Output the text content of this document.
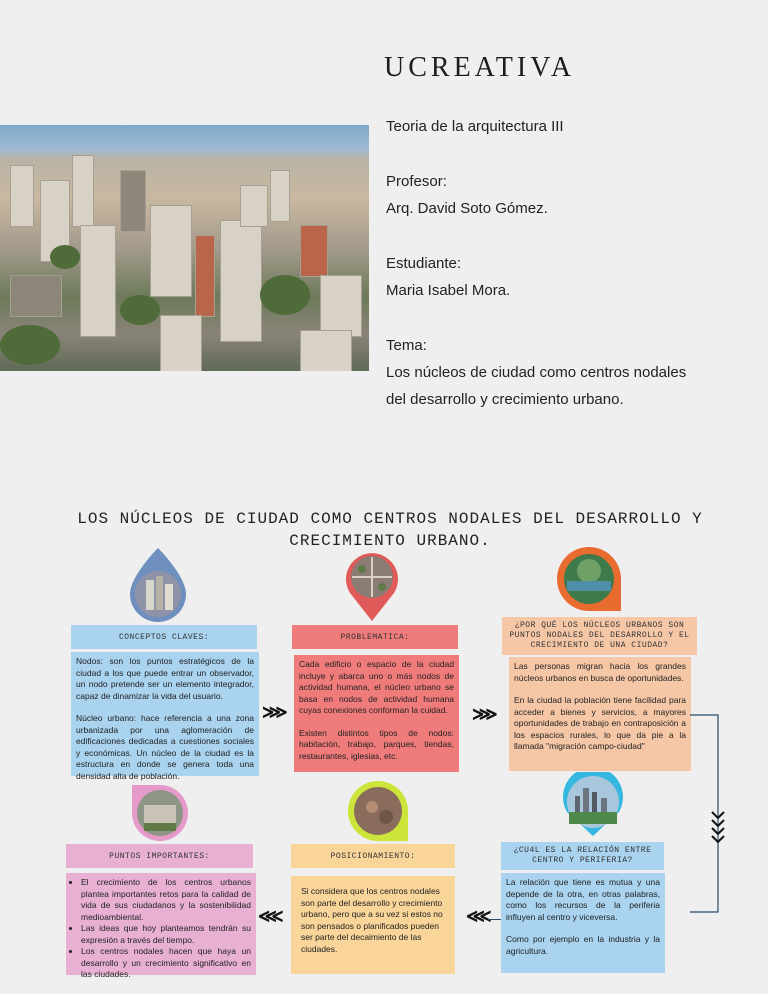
UCREATIVA
Teoria de la arquitectura III
Profesor:
Arq. David Soto Gómez.
Estudiante:
Maria Isabel Mora.
Tema:
Los núcleos de ciudad como centros nodales
del desarrollo y crecimiento urbano.
LOS NÚCLEOS DE CIUDAD COMO CENTROS NODALES DEL DESARROLLO Y
CRECIMIENTO URBANO.
CONCEPTOS CLAVES:	PROBLEMATICA:
¿POR QUÉ LOS NÚCLEOS URBANOS SON PUNTOS NODALES DEL DESARROLLO Y EL CRECIMIENTO DE UNA CIUDAD?

Nodos: son los puntos estratégicos de la ciudad a los que puede entrar un observador, un nodo pretende ser un elemento integrador, capaz de dinamizar la vida del usuario.

Núcleo urbano: hace referencia a una zona urbanizada por una aglomeración de edificaciones dedicadas a cuestiones sociales y económicas. Un núcleo de la ciudad es la estructura en donde se genera toda una densidad alta de población.

Cada edificio o espacio de la ciudad incluye y abarca uno o más nodos de actividad humana, el núcleo urbano se basa en nodos de actividad humana cuyas conexiones conforman la cuidad.

Existen distintos tipos de nodos: habitación, trabajo, parques, tiendas, restaurantes, iglesias, etc.

Las personas migran hacia los grandes núcleos urbanos en busca de oportunidades.

En la ciudad la población tiene facilidad para acceder a bienes y servicios, a mayores oportunidades de trabajo en contraposición a los espacios rurales, lo que da pie a la llamada "migración campo-ciudad"

⋙	⋙
PUNTOS IMPORTANTES:	POSICIONAMIENTO:
¿CU4L ES LA RELACIÓN ENTRE CENTRO Y PERIFERIA?
• El crecimiento de los centros urbanos plantea importantes retos para la calidad de vida de sus ciudadanos y la sostenibilidad medioambiental.
• Las ideas que hoy planteamos tendrán su expresión a través del tiempo.
• Los centros nodales hacen que haya un desarrollo y un crecimiento significativo en las ciudades.

Si considera que los centros nodales son parte del desarrollo y crecimiento urbano, pero que a su vez si estos no son pensados o planificados pueden ser parte del decaimiento de las ciudades.

La relación que tiene es mutua y una depende de la otra, en otras palabras, como los recursos de la periferia influyen al centro y viceversa.

Como por ejemplo en la industria y la agricultura.

⋘	⋘
